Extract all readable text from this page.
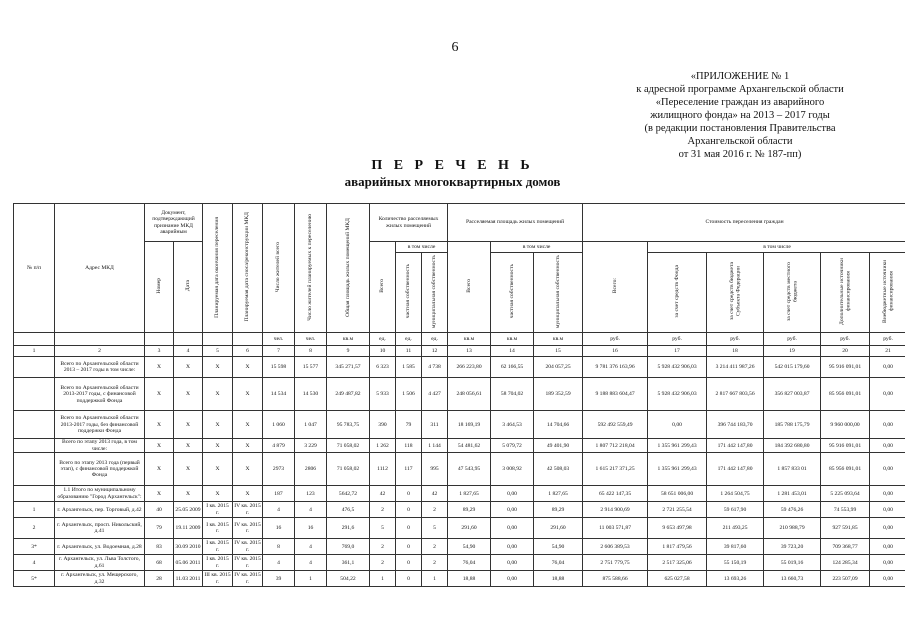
6
«ПРИЛОЖЕНИЕ № 1
к адресной программе Архангельской области
«Переселение граждан из аварийного
жилищного фонда» на 2013 – 2017 годы
(в редакции постановления Правительства
Архангельской области
от 31 мая 2016 г. № 187-пп)
П Е Р Е Ч Е Н Ь
аварийных многоквартирных домов
№ п/п	Адрес МКД	Документ, подтверждающий признание МКД аварийным		Планируемая дата окончания переселения	Планируемая дата сноса/реконструкции МКД	Число жителей всего	Число жителей планируемых к переселению	Общая площадь жилых помещений МКД	Количество расселяемых жилых помещений			Расселяемая площадь жилых помещений			Стоимость переселения граждан					
		Номер	Дата						Всего	в том числе		Всего	в том числе		Всего:	в том числе				
										частная собственность	муниципальная собственность		частная собственность	муниципальная собственность		за счет средств Фонда	за счет средств бюджета Субъекта Федерации	за счет средств местного бюджета	Дополнительные источники финансирования	Внебюджетные источники финансирования
						чел.	чел.	кв.м	ед.	ед.	ед.	кв.м	кв.м	кв.м	руб.	руб.	руб.	руб.	руб.	руб.
1	2	3	4	5	6	7	8	9	10	11	12	13	14	15	16	17	18	19	20	21
	Всего по Архангельской области 2013 – 2017 годы в том числе:	X	X	X	X	15 598	15 577	345 271,57	6 323	1 585	4 738	266 223,80	62 166,55	204 057,25	9 781 376 163,96	5 928 432 906,03	3 214 411 987,26	542 015 179,60	95 916 091,01	0,00
	Всего по Архангельской области 2013-2017 годы, с финансовой поддержкой Фонда	X	X	X	X	14 534	14 530	249 487,82	5 933	1 506	4 427	248 056,61	58 704,02	189 352,59	9 188 883 604,47	5 928 432 906,03	2 817 667 803,56	356 827 003,87	85 956 091,01	0,00
	Всего по Архангельской области 2013-2017 годы, без финансовой поддержки Фонда	X	X	X	X	1 060	1 047	95 783,75	390	79	311	18 169,19	3 464,53	14 704,66	592 492 559,49	0,00	396 744 183,70	185 788 175,79	9 960 000,00	0,00
	Всего по этапу 2013 года, в том числе:	X	X	X	X	4 879	3 229	71 058,02	1 262	118	1 144	54 481,62	5 079,72	49 401,90	1 807 712 218,04	1 355 961 299,43	171 442 147,80	184 392 680,80	95 916 091,01	0,00
	Всего по этапу 2013 года (первый этап), с финансовой поддержкой Фонда	X	X	X	X	2973	2806	71 058,02	1112	117	995	47 543,95	3 008,92	42 508,03	1 615 217 371,25	1 355 961 299,43	171 442 147,80	1 857 833 01	85 956 091,01	0,00
	1.1 Итого по муниципальному образованию "Город Архангельск":	X	X	X	X	187	123	5642,72	42	0	42	1 827,65	0,00	1 827,65	65 422 147,35	58 651 006,00	1 264 504,75	1 281 453,01	5 225 093,64	0,00
1	г. Архангельск, пер. Торговый, д.42	40	25.05 2009	I кв. 2015 г.	IV кв. 2015 г.	4	4	476,5	2	0	2	89,29	0,00	89,29	2 914 900,69	2 721 255,54	59 617,90	59 476,26	74 553,99	0,00
2	г. Архангельск, просп. Никольский, д.41	79	19.11 2009	I кв. 2015 г.	IV кв. 2015 г.	16	16	291,6	5	0	5	291,60	0,00	291,60	11 003 571,87	9 653 497,98	211 493,25	210 988,79	927 591,85	0,00
3*	г. Архангельск, ул. Водоемная, д.28	83	30.09 2010	I кв. 2015 г.	IV кв. 2015 г.	8	4	769,0	2	0	2	54,90	0,00	54,90	2 606 389,53	1 817 479,56	39 817,60	39 723,20	709 368,77	0,00
4	г. Архангельск, ул. Льва Толстого, д.61	68	05.06 2011	I кв. 2015 г.	IV кв. 2015 г.	4	4	361,1	2	0	2	76,04	0,00	76,04	2 751 779,75	2 517 325,06	55 150,19	55 019,16	124 285,34	0,00
5*	г. Архангельск, ул. Мещерского, д.32	28	11.03 2011	III кв. 2015 г.	IV кв. 2015 г.	39	1	504,22	1	0	1	18,88	0,00	18,88	875 588,66	625 027,58	13 693,26	13 660,73	223 507,09	0,00
